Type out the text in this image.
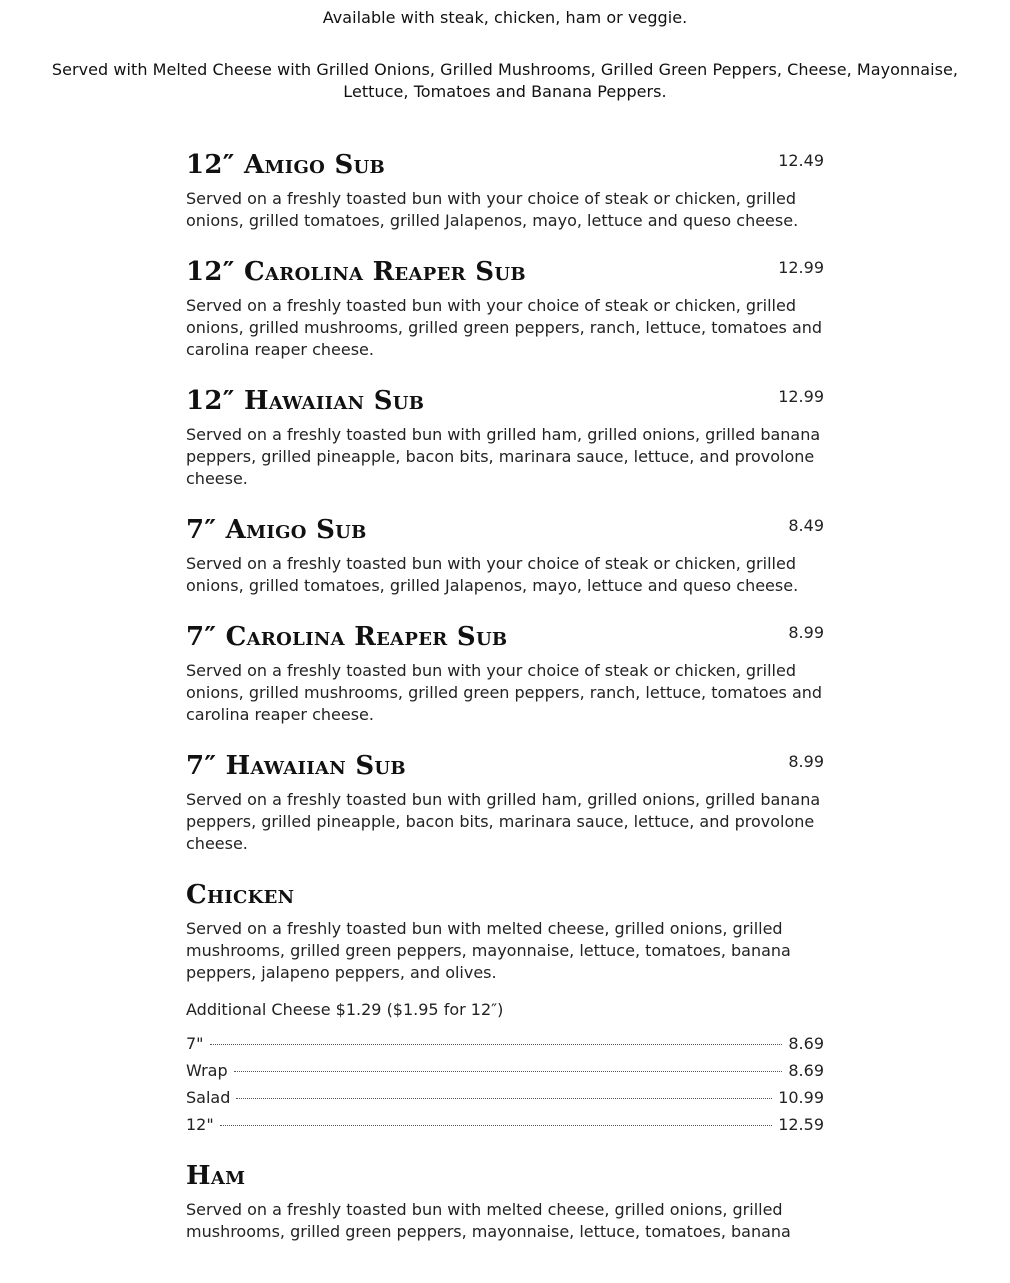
Available with steak, chicken, ham or veggie.
Served with Melted Cheese with Grilled Onions, Grilled Mushrooms, Grilled Green Peppers, Cheese, Mayonnaise, Lettuce, Tomatoes and Banana Peppers.
12″ Amigo Sub	12.49
Served on a freshly toasted bun with your choice of steak or chicken, grilled onions, grilled tomatoes, grilled Jalapenos, mayo, lettuce and queso cheese.
12″ Carolina Reaper Sub	12.99
Served on a freshly toasted bun with your choice of steak or chicken, grilled onions, grilled mushrooms, grilled green peppers, ranch, lettuce, tomatoes and carolina reaper cheese.
12″ Hawaiian Sub	12.99
Served on a freshly toasted bun with grilled ham, grilled onions, grilled banana peppers, grilled pineapple, bacon bits, marinara sauce, lettuce, and provolone cheese.
7″ Amigo Sub	8.49
Served on a freshly toasted bun with your choice of steak or chicken, grilled onions, grilled tomatoes, grilled Jalapenos, mayo, lettuce and queso cheese.
7″ Carolina Reaper Sub	8.99
Served on a freshly toasted bun with your choice of steak or chicken, grilled onions, grilled mushrooms, grilled green peppers, ranch, lettuce, tomatoes and carolina reaper cheese.
7″ Hawaiian Sub	8.99
Served on a freshly toasted bun with grilled ham, grilled onions, grilled banana peppers, grilled pineapple, bacon bits, marinara sauce, lettuce, and provolone cheese.
Chicken
Served on a freshly toasted bun with melted cheese, grilled onions, grilled mushrooms, grilled green peppers, mayonnaise, lettuce, tomatoes, banana peppers, jalapeno peppers, and olives.
Additional Cheese $1.29 ($1.95 for 12″)
7"	8.69
Wrap	8.69
Salad	10.99
12"	12.59
Ham
Served on a freshly toasted bun with melted cheese, grilled onions, grilled mushrooms, grilled green peppers, mayonnaise, lettuce, tomatoes, banana
